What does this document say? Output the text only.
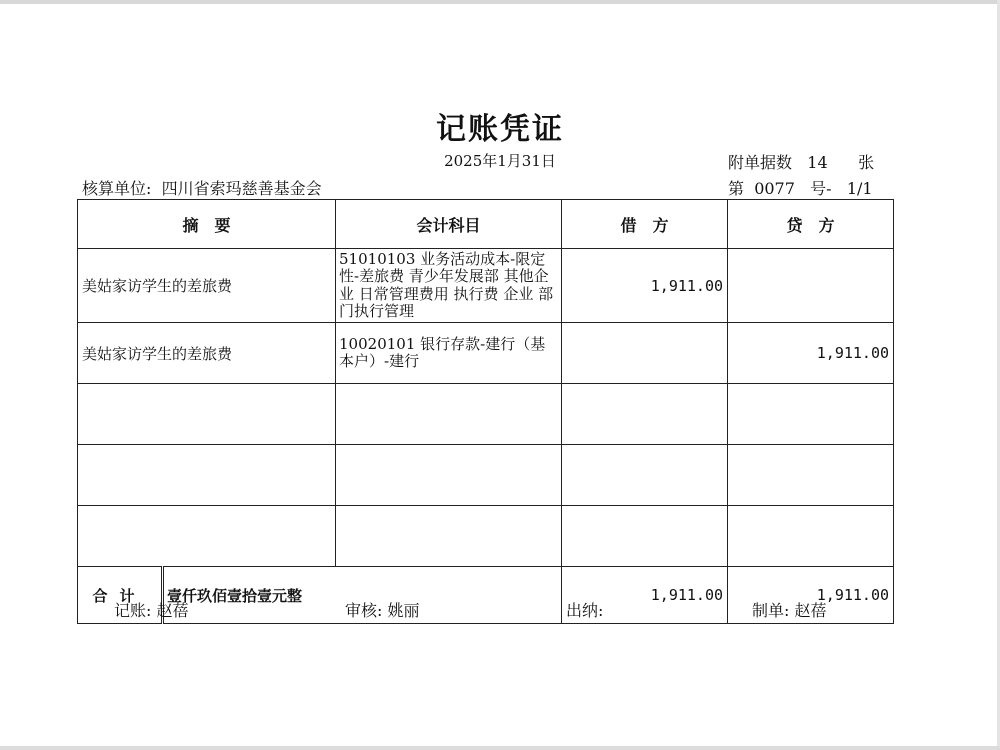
记账凭证
2025年1月31日	附单据数 14 张
核算单位: 四川省索玛慈善基金会	第 0077 号- 1/1
摘　要		会计科目	借　方	贷　方
美姑家访学生的差旅费		51010103 业务活动成本-限定性-差旅费 青少年发展部 其他企业 日常管理费用 执行费 企业 部门执行管理	1,911.00	
美姑家访学生的差旅费		10020101 银行存款-建行（基本户）-建行		1,911.00

合计	壹仟玖佰壹拾壹元整		1,911.00	1,911.00
记账: 赵蓓	审核: 姚丽	出纳:	制单: 赵蓓
